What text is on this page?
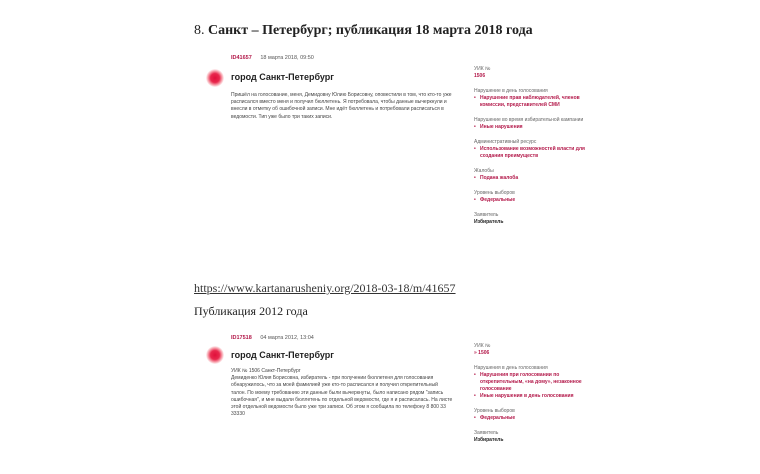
8. Санкт – Петербург; публикация 18 марта 2018 года
ID41657 18 марта 2018, 09:50
город Санкт-Петербург

Пришёл на голосование, меня, Демидовну Юлию Борисовну, оповестили в том, что кто-то уже

расписался вместо меня и получил бюллетень. Я потребовала, чтобы данные вычеркнули и

внесли в отметку об ошибочной записи. Мне идёт бюллетень и потребовали расписаться в

ведомости. Тип уже было три таких записи.

УИК №
1506
Нарушение в день голосования
• Нарушение прав наблюдателей, членов комиссии, представителей СМИ
Нарушение во время избирательной кампании
• Иные нарушения
Административный ресурс
• Использование возможностей власти для создания преимуществ
Жалобы
• Подана жалоба
Уровень выборов
• Федеральные
Заявитель
Избиратель
https://www.kartanarusheniy.org/2018-03-18/m/41657
Публикация 2012 года
ID17518 04 марта 2012, 13:04
город Санкт-Петербург

УИК № 1506 Санкт-Петербург

Демиденко Юлия Борисовна, избиратель - при получении бюллетеня для голосования

обнаружилось, что за моей фамилией уже кто-то расписался и получил открепительный

талон. По моему требованию эти данные были вычеркнуты, было написано рядом "запись

ошибочная", и мне выдали бюллетень по отдельной ведомости, где я и расписалась. На листе

этой отдельной ведомости было уже три записи. Об этом я сообщила по телефону 8 800 33

33330

УИК №
» 1506
Нарушения в день голосования
• Нарушения при голосовании по открепительным, «на дому», незаконное голосование
• Иные нарушения в день голосования
Уровень выборов
• Федеральные
Заявитель
Избиратель
